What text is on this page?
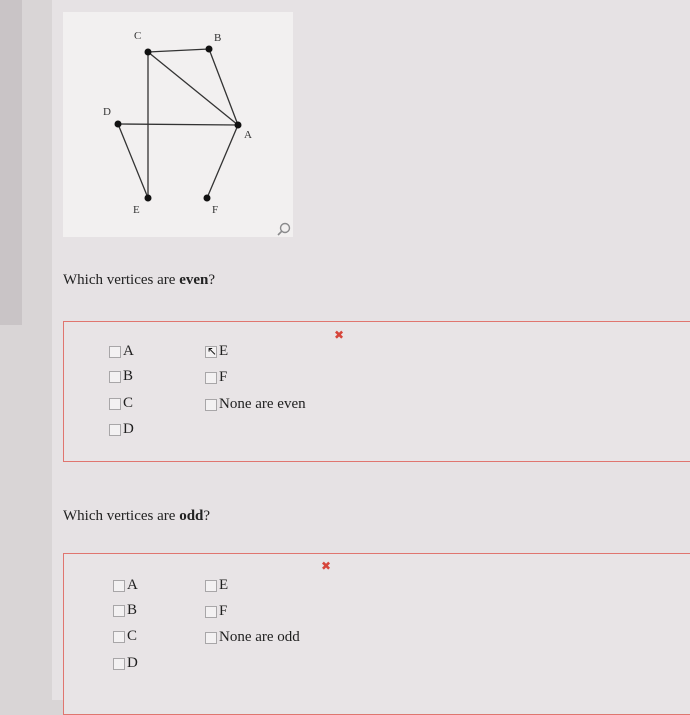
C	B
D
A
E	F
Which vertices are even?
✖
A
B
C
D
E
F
None are even
↖
Which vertices are odd?
✖
A
B
C
D
E
F
None are odd
